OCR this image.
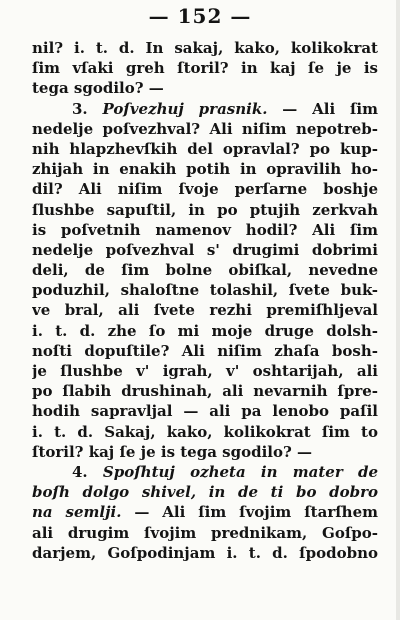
— 152 —
nil? i. t. d. In sakaj, kako, kolikokrat
ſim vſaki greh ſtoril? in kaj ſe je is
tega sgodilo? —
3. Poſvezhuj prasnik. — Ali ſim
nedelje poſvezhval? Ali niſim nepotreb-
nih hlapzhevſkih del opravlal? po kup-
zhijah in enakih potih in opravilih ho-
dil? Ali niſim ſvoje perſarne boshje
ſlushbe sapuſtil, in po ptujih zerkvah
is poſvetnih namenov hodil? Ali ſim
nedelje poſvezhval s' drugimi dobrimi
deli, de ſim bolne obiſkal, nevedne
poduzhil, shaloſtne tolashil, ſvete buk-
ve bral, ali ſvete rezhi premiſhljeval
i. t. d. zhe ſo mi moje druge dolsh-
noſti dopuſtile? Ali niſim zhaſa bosh-
je ſlushbe v' igrah, v' oshtarijah, ali
po ſlabih drushinah, ali nevarnih ſpre-
hodih sapravljal — ali pa lenobo paſil
i. t. d. Sakaj, kako, kolikokrat ſim to
ſtoril? kaj ſe je is tega sgodilo? —
4. Spoſhtuj ozheta in mater de
boſh dolgo shivel, in de ti bo dobro
na semlji. — Ali ſim ſvojim ſtarſhem
ali drugim ſvojim prednikam, Goſpo-
darjem, Goſpodinjam i. t. d. ſpodobno
